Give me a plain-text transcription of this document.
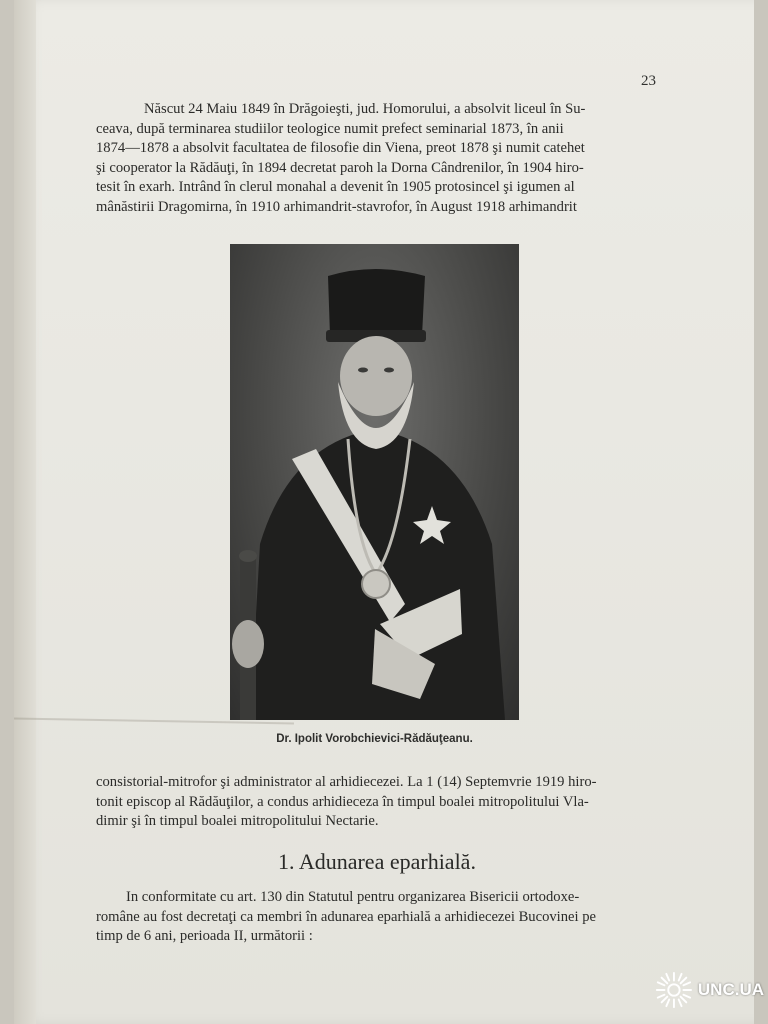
23
Născut 24 Maiu 1849 în Drăgoieşti, jud. Homorului, a absolvit liceul în Su-
ceava, după terminarea studiilor teologice numit prefect seminarial 1873, în anii
1874—1878 a absolvit facultatea de filosofie din Viena, preot 1878 şi numit catehet
şi cooperator la Rădăuţi, în 1894 decretat paroh la Dorna Cândrenilor, în 1904 hiro-
tesit în exarh. Intrând în clerul monahal a devenit în 1905 protosincel şi igumen al
mânăstirii Dragomirna, în 1910 arhimandrit-stavrofor, în August 1918 arhimandrit
Dr. Ipolit Vorobchievici-Rădăuţeanu.
consistorial-mitrofor şi administrator al arhidiecezei. La 1 (14) Septemvrie 1919 hiro-
tonit episcop al Rădăuţilor, a condus arhidieceza în timpul boalei mitropolitului Vla-
dimir şi în timpul boalei mitropolitului Nectarie.
1. Adunarea eparhială.
In conformitate cu art. 130 din Statutul pentru organizarea Bisericii ortodoxe-
române au fost decretaţi ca membri în adunarea eparhială a arhidiecezei Bucovinei pe
timp de 6 ani, perioada II, următorii :
UNC.UA
